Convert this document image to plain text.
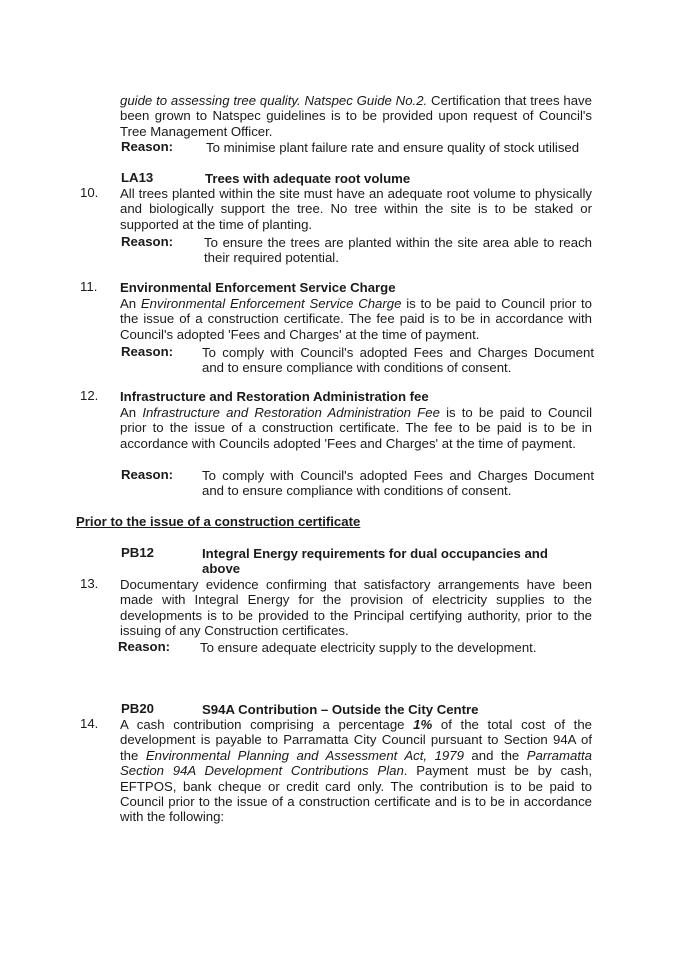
guide to assessing tree quality. Natspec Guide No.2. Certification that trees have been grown to Natspec guidelines is to be provided upon request of Council's Tree Management Officer.
Reason: To minimise plant failure rate and ensure quality of stock utilised
LA13	Trees with adequate root volume
10. All trees planted within the site must have an adequate root volume to physically and biologically support the tree. No tree within the site is to be staked or supported at the time of planting.
Reason: To ensure the trees are planted within the site area able to reach their required potential.
11. Environmental Enforcement Service Charge
An Environmental Enforcement Service Charge is to be paid to Council prior to the issue of a construction certificate. The fee paid is to be in accordance with Council's adopted 'Fees and Charges' at the time of payment.
Reason: To comply with Council's adopted Fees and Charges Document and to ensure compliance with conditions of consent.
12. Infrastructure and Restoration Administration fee
An Infrastructure and Restoration Administration Fee is to be paid to Council prior to the issue of a construction certificate. The fee to be paid is to be in accordance with Councils adopted 'Fees and Charges' at the time of payment.
Reason: To comply with Council's adopted Fees and Charges Document and to ensure compliance with conditions of consent.
Prior to the issue of a construction certificate
PB12	Integral Energy requirements for dual occupancies and above
13. Documentary evidence confirming that satisfactory arrangements have been made with Integral Energy for the provision of electricity supplies to the developments is to be provided to the Principal certifying authority, prior to the issuing of any Construction certificates.
Reason: To ensure adequate electricity supply to the development.
PB20	S94A Contribution – Outside the City Centre
14. A cash contribution comprising a percentage 1% of the total cost of the development is payable to Parramatta City Council pursuant to Section 94A of the Environmental Planning and Assessment Act, 1979 and the Parramatta Section 94A Development Contributions Plan. Payment must be by cash, EFTPOS, bank cheque or credit card only. The contribution is to be paid to Council prior to the issue of a construction certificate and is to be in accordance with the following:
